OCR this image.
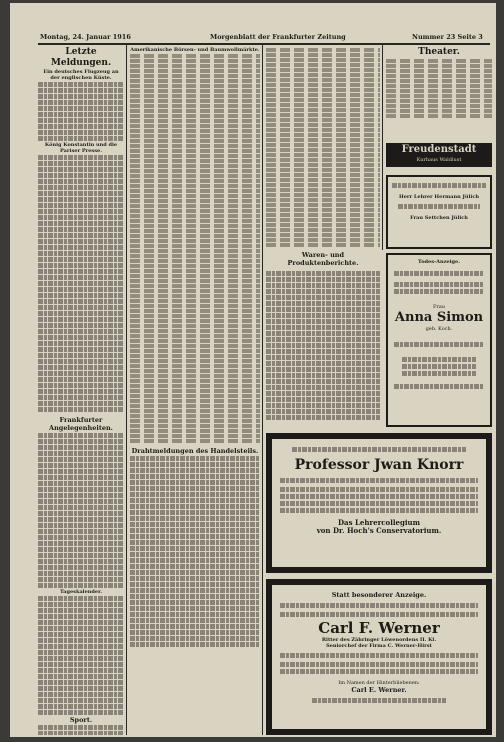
Montag, 24. Januar 1916	Morgenblatt der Frankfurter Zeitung	Nummer 23 Seite 3
Letzte Meldungen.
Ein deutsches Flugzeug an der englischen Küste.
König Konstantin und die Pariser Presse.
Frankfurter Angelegenheiten.
Tageskalender.
Sport.
Amerikanische Börsen- und Baumwollmärkte.
Drahtmeldungen des Handelsteils.
Waren- und Produktenberichte.
Theater.
Freudenstadt
Kurhaus Waldlust
Herr Lehrer Hermann Jülich
Frau Settchen Jülich
Todes-Anzeige.
Frau
Anna Simon
geb. Koch.
Professor Jwan Knorr
Das Lehrercollegium
von Dr. Hoch's Conservatorium.
Statt besonderer Anzeige.
Carl F. Werner
Ritter des Zähringer Löwenordens II. Kl.
Seniorchef der Firma C. Werner-Hirst
Im Namen der Hinterbliebenen:
Carl E. Werner.
